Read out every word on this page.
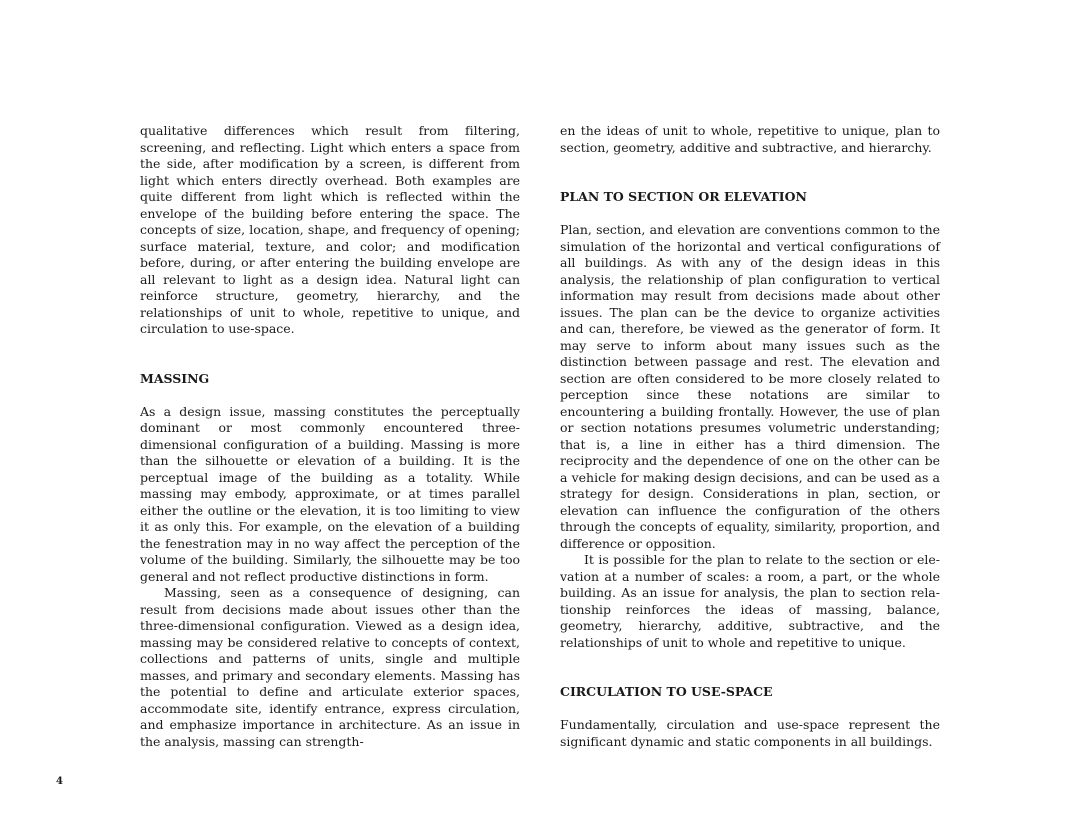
qualitative differences which result from filtering, screening, and reflecting. Light which enters a space from the side, after modification by a screen, is different from light which enters directly overhead. Both examples are quite different from light which is reflected within the envelope of the building before entering the space. The concepts of size, location, shape, and frequency of opening; surface material, texture, and color; and modification before, during, or after entering the building envelope are all relevant to light as a design idea. Natural light can reinforce structure, geometry, hierarchy, and the relationships of unit to whole, repetitive to unique, and circulation to use-space.

MASSING

As a design issue, massing constitutes the perceptually dominant or most commonly encountered three-dimensional configuration of a building. Massing is more than the silhouette or elevation of a building. It is the perceptual image of the building as a totality. While massing may embody, approximate, or at times parallel either the outline or the elevation, it is too limiting to view it as only this. For example, on the elevation of a building the fenestration may in no way affect the perception of the volume of the building. Similarly, the silhouette may be too general and not reflect productive distinctions in form.

Massing, seen as a consequence of designing, can result from decisions made about issues other than the three-dimensional configuration. Viewed as a design idea, massing may be considered relative to concepts of context, collections and patterns of units, single and multiple masses, and primary and secondary elements. Massing has the potential to define and articulate exterior spaces, accommodate site, identify entrance, express circulation, and emphasize importance in architecture. As an issue in the analysis, massing can strength-

en the ideas of unit to whole, repetitive to unique, plan to section, geometry, additive and subtractive, and hierarchy.

PLAN TO SECTION OR ELEVATION

Plan, section, and elevation are conventions common to the simulation of the horizontal and vertical configurations of all buildings. As with any of the design ideas in this analysis, the relationship of plan configuration to vertical information may result from decisions made about other issues. The plan can be the device to organize activities and can, therefore, be viewed as the generator of form. It may serve to inform about many issues such as the distinction between passage and rest. The elevation and section are often considered to be more closely related to perception since these notations are similar to encountering a building frontally. However, the use of plan or section notations presumes volumetric understanding; that is, a line in either has a third dimension. The reciprocity and the dependence of one on the other can be a vehicle for making design decisions, and can be used as a strategy for design. Considerations in plan, section, or elevation can influence the configuration of the others through the concepts of equality, similarity, proportion, and difference or opposition.

It is possible for the plan to relate to the section or elevation at a number of scales: a room, a part, or the whole building. As an issue for analysis, the plan to section relationship reinforces the ideas of massing, balance, geometry, hierarchy, additive, subtractive, and the relationships of unit to whole and repetitive to unique.

CIRCULATION TO USE-SPACE

Fundamentally, circulation and use-space represent the significant dynamic and static components in all buildings.

4
